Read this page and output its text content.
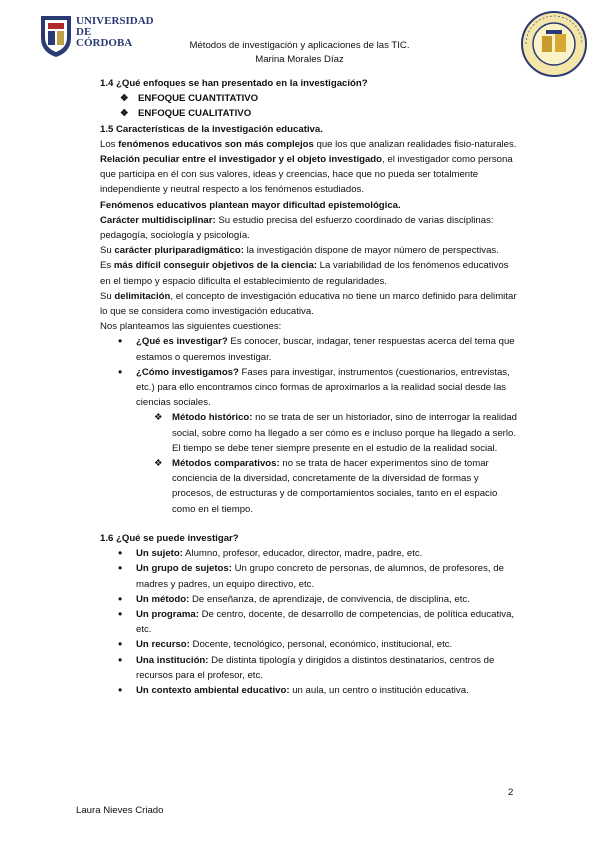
UNIVERSIDAD
DE
CÓRDOBA	Métodos de investigación y aplicaciones de las TIC.
Marina Morales Díaz

1.4 ¿Qué enfoques se han presentado en la investigación?

❖ ENFOQUE CUANTITATIVO
❖ ENFOQUE CUALITATIVO

1.5 Características de la investigación educativa.

Los fenómenos educativos son más complejos que los que analizan realidades fisio-naturales.

Relación peculiar entre el investigador y el objeto investigado, el investigador como persona que participa en él con sus valores, ideas y creencias, hace que no pueda ser totalmente independiente y neutral respecto a los fenómenos estudiados.

Fenómenos educativos plantean mayor dificultad epistemológica.

Carácter multidisciplinar: Su estudio precisa del esfuerzo coordinado de varias disciplinas: pedagogía, sociología y psicología.

Su carácter pluriparadigmático: la investigación dispone de mayor número de perspectivas.

Es más difícil conseguir objetivos de la ciencia: La variabilidad de los fenómenos educativos en el tiempo y espacio dificulta el establecimiento de regularidades.

Su delimitación, el concepto de investigación educativa no tiene un marco definido para delimitar lo que se considera como investigación educativa.

Nos planteamos las siguientes cuestiones:

• ¿Qué es investigar? Es conocer, buscar, indagar, tener respuestas acerca del tema que estamos o queremos investigar.
• ¿Cómo investigamos? Fases para investigar, instrumentos (cuestionarios, entrevistas, etc.) para ello encontramos cinco formas de aproximarlos a la realidad social desde las ciencias sociales.
❖ Método histórico: no se trata de ser un historiador, sino de interrogar la realidad social, sobre como ha llegado a ser cómo es e incluso porque ha llegado a serlo. El tiempo se debe tener siempre presente en el estudio de la realidad social.
❖ Métodos comparativos: no se trata de hacer experimentos sino de tomar conciencia de la diversidad, concretamente de la diversidad de formas y procesos, de estructuras y de comportamientos sociales, tanto en el espacio como en el tiempo.

1.6 ¿Qué se puede investigar?

• Un sujeto: Alumno, profesor, educador, director, madre, padre, etc.
• Un grupo de sujetos: Un grupo concreto de personas, de alumnos, de profesores, de madres y padres, un equipo directivo, etc.
• Un método: De enseñanza, de aprendizaje, de convivencia, de disciplina, etc.
• Un programa: De centro, docente, de desarrollo de competencias, de política educativa, etc.
• Un recurso: Docente, tecnológico, personal, económico, institucional, etc.
• Una institución: De distinta tipología y dirigidos a distintos destinatarios, centros de recursos para el profesor, etc.
• Un contexto ambiental educativo: un aula, un centro o institución educativa.
2
Laura Nieves Criado
